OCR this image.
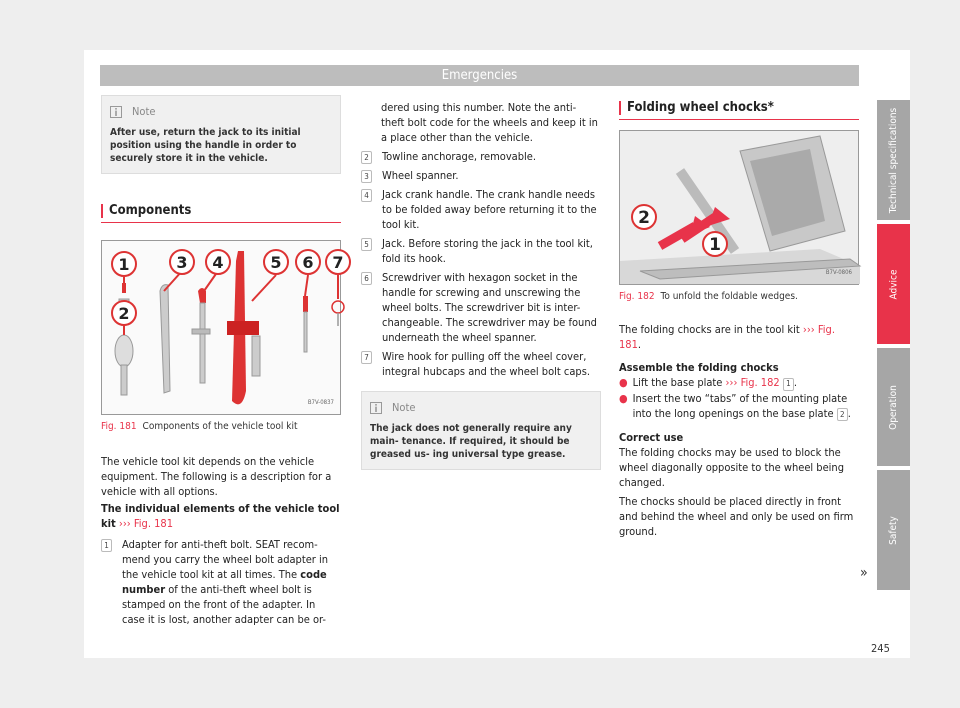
Emergencies
Note
After use, return the jack to its initial position using the handle in order to securely store it in the vehicle.
Components
1	3 4	5 6 7
2
B7V-0837
Fig. 181 Components of the vehicle tool kit

The vehicle tool kit depends on the vehicle equipment. The following is a description for a vehicle with all options.

The individual elements of the vehicle tool kit ››› Fig. 181

1 Adapter for anti-theft bolt. SEAT recom- mend you carry the wheel bolt adapter in the vehicle tool kit at all times. The code number of the anti-theft wheel bolt is stamped on the front of the adapter. In case it is lost, another adapter can be or-

dered using this number. Note the anti- theft bolt code for the wheels and keep it in a place other than the vehicle.

2 Towline anchorage, removable.

3 Wheel spanner.

4 Jack crank handle. The crank handle needs to be folded away before returning it to the tool kit.

5 Jack. Before storing the jack in the tool kit, fold its hook.

6 Screwdriver with hexagon socket in the handle for screwing and unscrewing the wheel bolts. The screwdriver bit is inter- changeable. The screwdriver may be found underneath the wheel spanner.

7 Wire hook for pulling off the wheel cover, integral hubcaps and the wheel bolt caps.

Note
The jack does not generally require any main- tenance. If required, it should be greased us- ing universal type grease.
Folding wheel chocks*
2
1
B7V-0806
Fig. 182 To unfold the foldable wedges.

The folding chocks are in the tool kit ››› Fig. 181.

Assemble the folding chocks

● Lift the base plate ››› Fig. 182 1 .

● Insert the two “tabs” of the mounting plate into the long openings on the base plate 2 .

Correct use

The folding chocks may be used to block the wheel diagonally opposite to the wheel being changed.

The chocks should be placed directly in front and behind the wheel and only be used on firm ground.

»
Technical specifications
Advice
Operation
Safety
245
